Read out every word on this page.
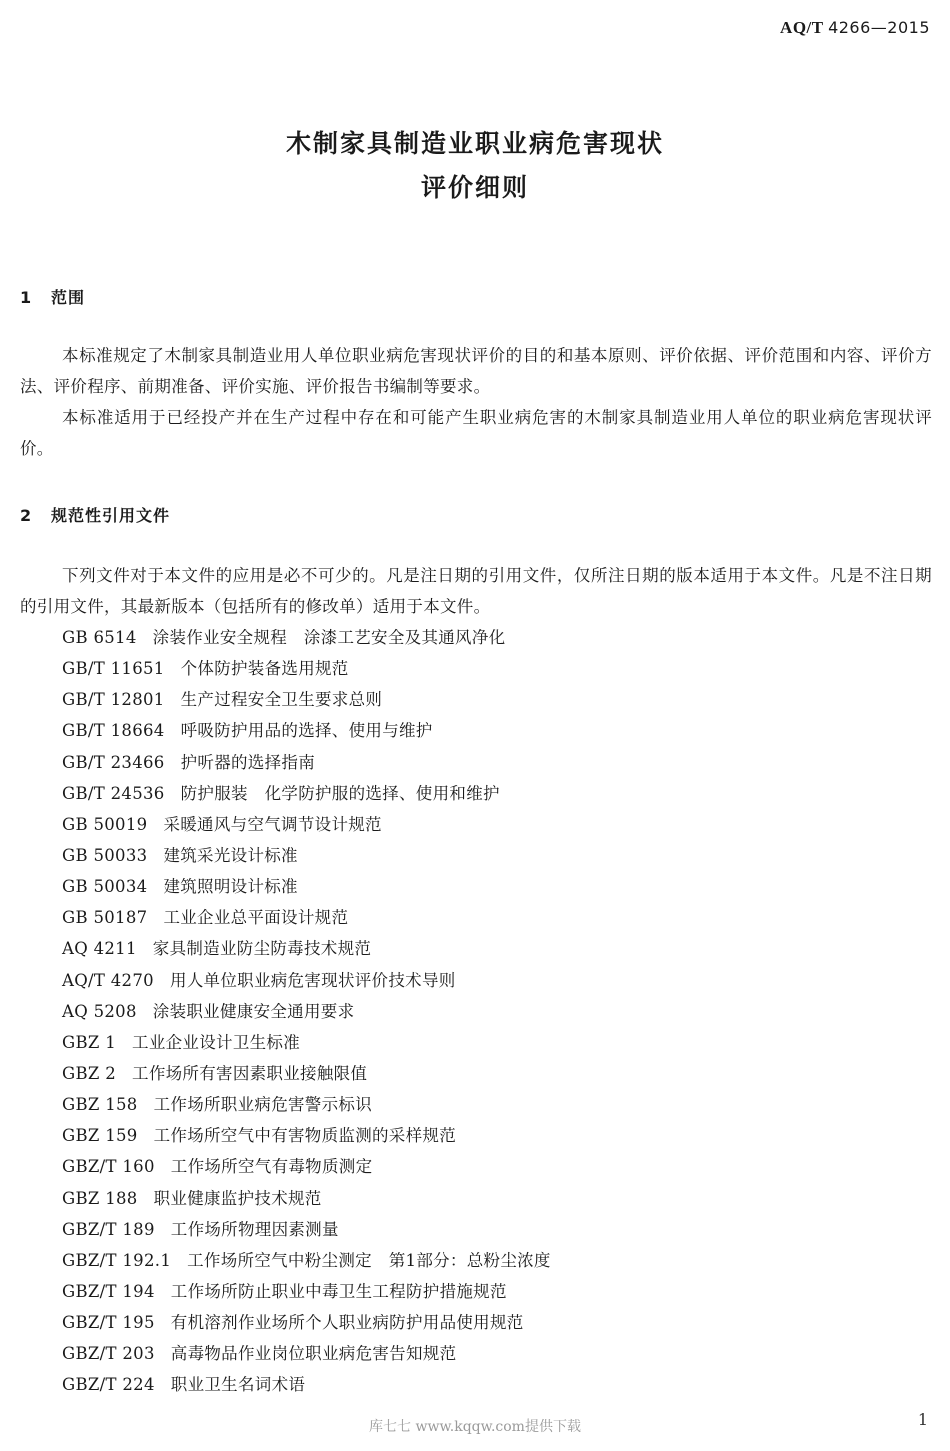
AQ/T 4266—2015
木制家具制造业职业病危害现状
评价细则
1 范围
本标准规定了木制家具制造业用人单位职业病危害现状评价的目的和基本原则、评价依据、评价范围和内容、评价方法、评价程序、前期准备、评价实施、评价报告书编制等要求。
本标准适用于已经投产并在生产过程中存在和可能产生职业病危害的木制家具制造业用人单位的职业病危害现状评价。
2 规范性引用文件
下列文件对于本文件的应用是必不可少的。凡是注日期的引用文件，仅所注日期的版本适用于本文件。凡是不注日期的引用文件，其最新版本（包括所有的修改单）适用于本文件。
GB 6514 涂装作业安全规程　涂漆工艺安全及其通风净化
GB/T 11651 个体防护装备选用规范
GB/T 12801 生产过程安全卫生要求总则
GB/T 18664 呼吸防护用品的选择、使用与维护
GB/T 23466 护听器的选择指南
GB/T 24536 防护服装　化学防护服的选择、使用和维护
GB 50019 采暖通风与空气调节设计规范
GB 50033 建筑采光设计标准
GB 50034 建筑照明设计标准
GB 50187 工业企业总平面设计规范
AQ 4211 家具制造业防尘防毒技术规范
AQ/T 4270 用人单位职业病危害现状评价技术导则
AQ 5208 涂装职业健康安全通用要求
GBZ 1 工业企业设计卫生标准
GBZ 2 工作场所有害因素职业接触限值
GBZ 158 工作场所职业病危害警示标识
GBZ 159 工作场所空气中有害物质监测的采样规范
GBZ/T 160 工作场所空气有毒物质测定
GBZ 188 职业健康监护技术规范
GBZ/T 189 工作场所物理因素测量
GBZ/T 192.1 工作场所空气中粉尘测定　第1部分：总粉尘浓度
GBZ/T 194 工作场所防止职业中毒卫生工程防护措施规范
GBZ/T 195 有机溶剂作业场所个人职业病防护用品使用规范
GBZ/T 203 高毒物品作业岗位职业病危害告知规范
GBZ/T 224 职业卫生名词术语
库七七 www.kqqw.com提供下载	1
